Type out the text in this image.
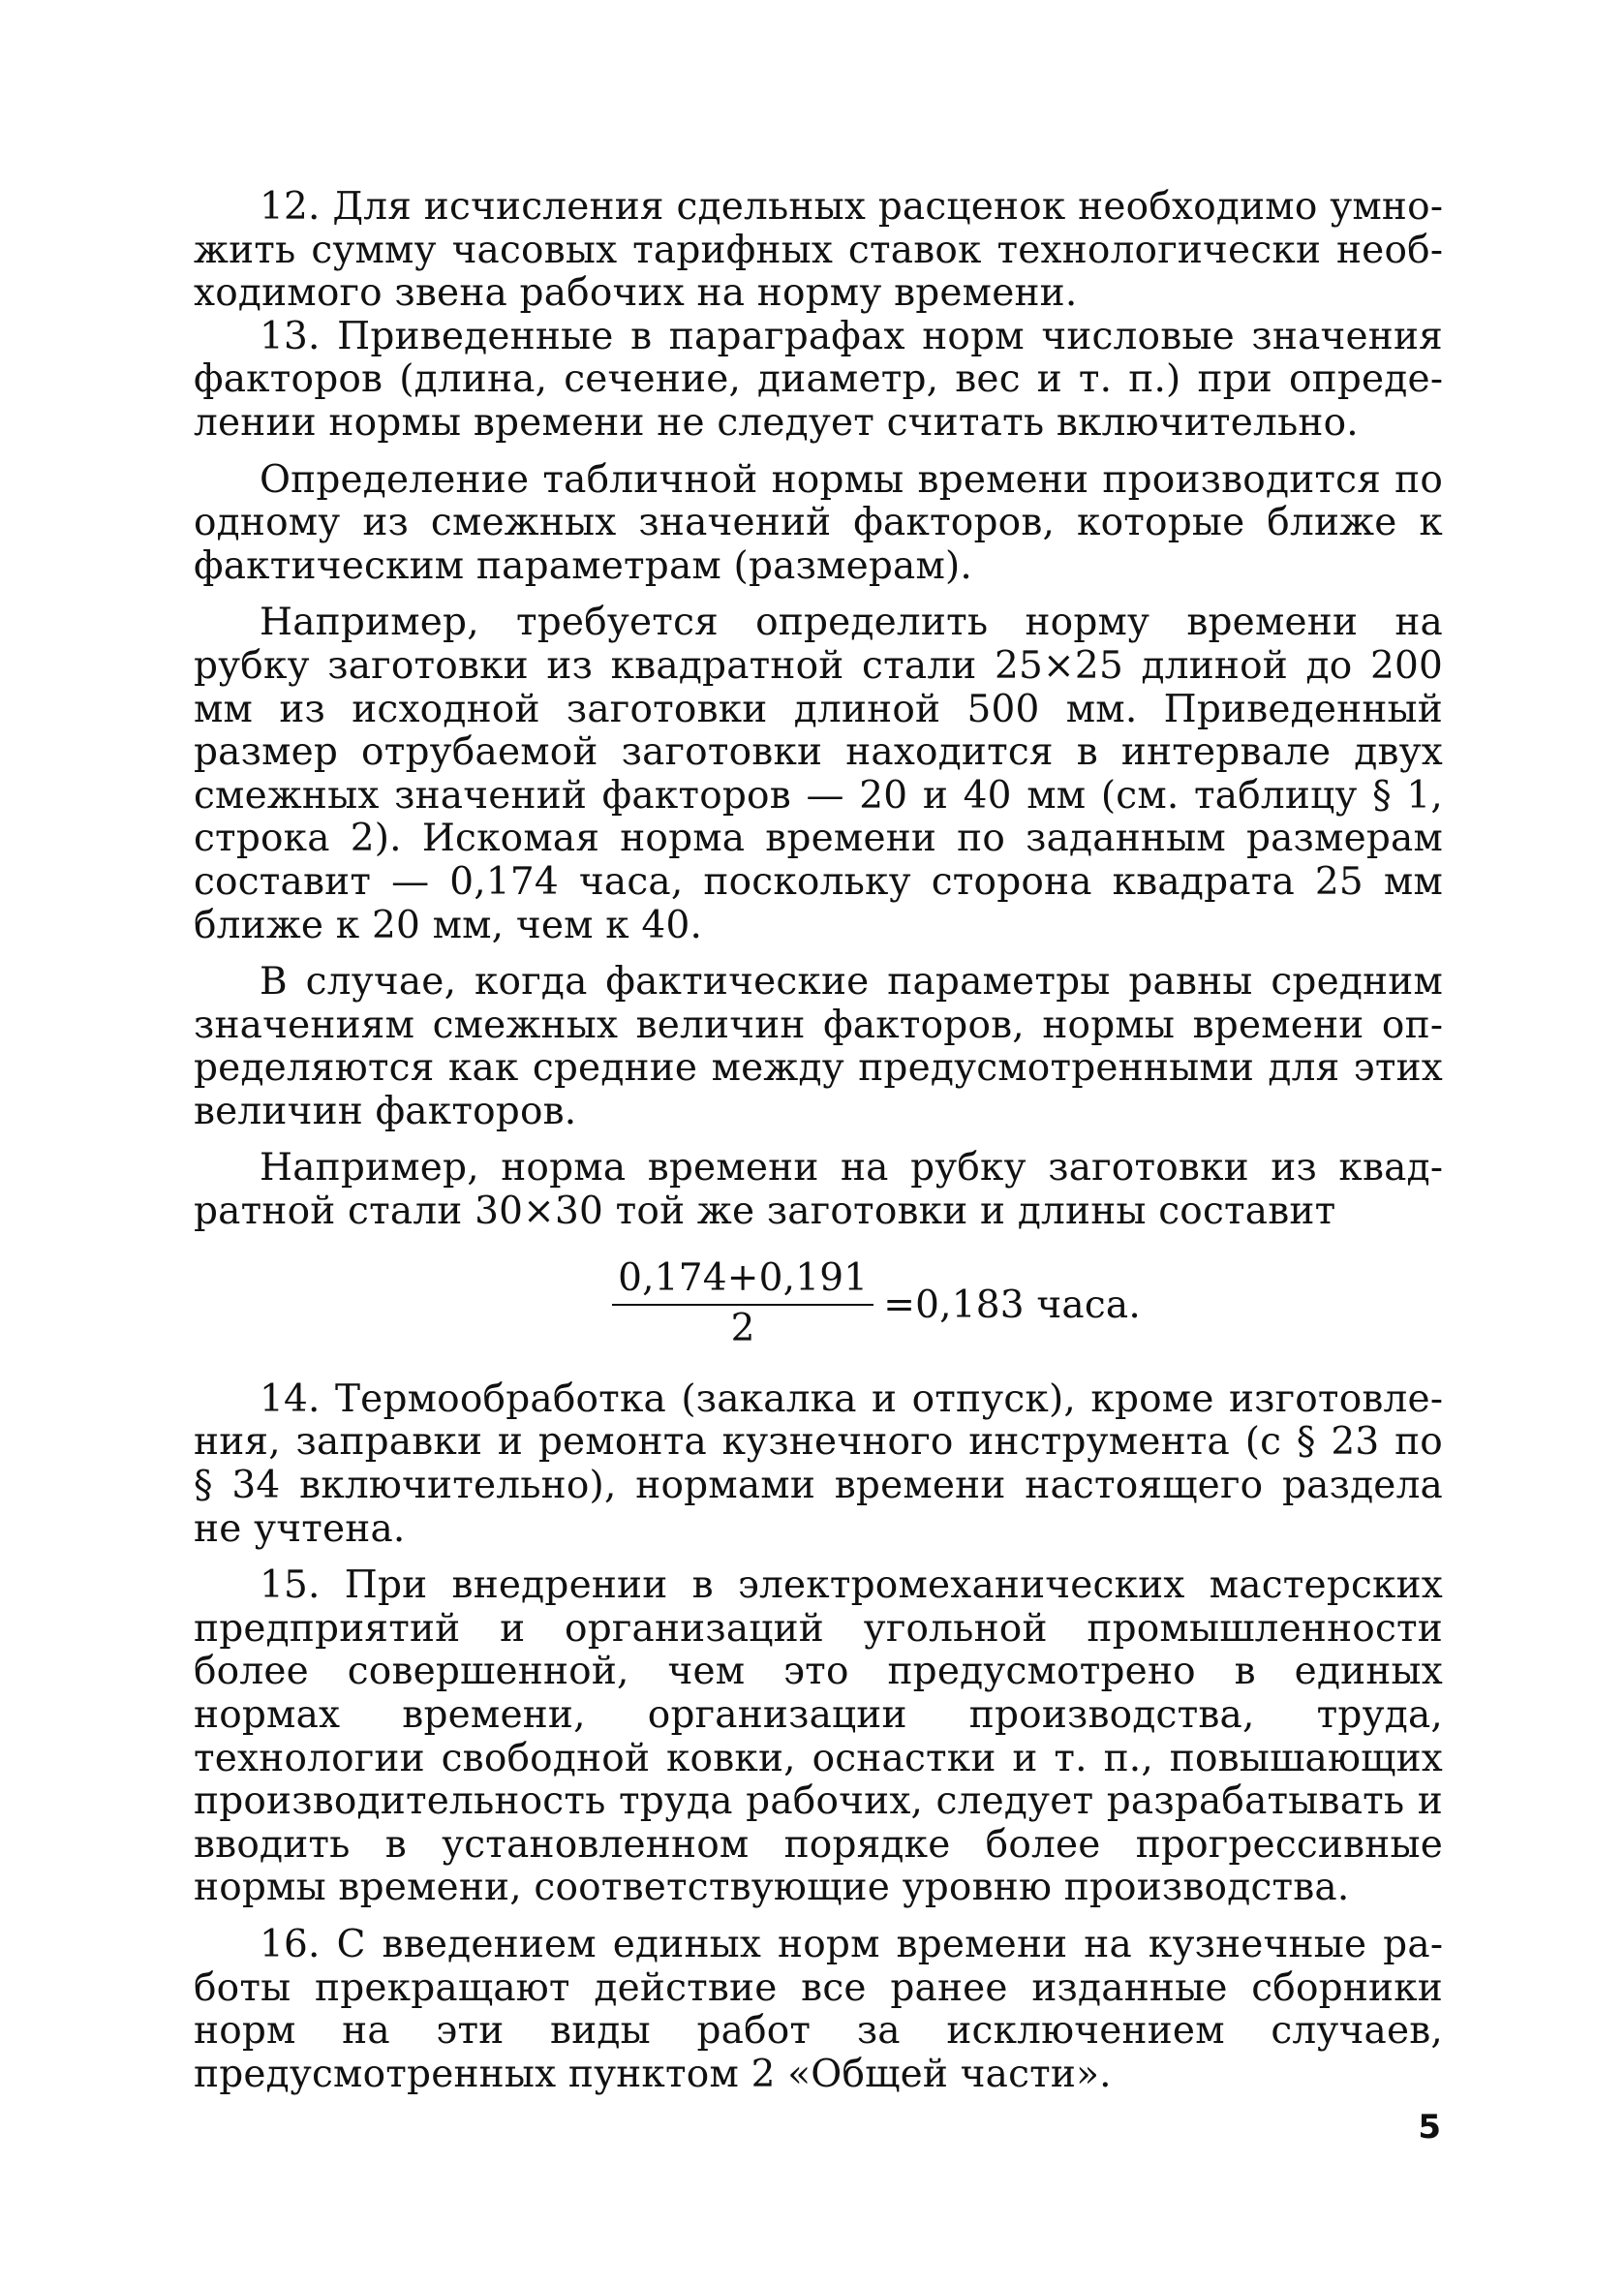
12. Для исчисления сдельных расценок необходимо умножить сумму часовых тарифных ставок технологически необходимого звена рабочих на норму времени.

13. Приведенные в параграфах норм числовые значения факторов (длина, сечение, диаметр, вес и т. п.) при определении нормы времени не следует считать включительно.

Определение табличной нормы времени производится по одному из смежных значений факторов, которые ближе к фактическим параметрам (размерам).

Например, требуется определить норму времени на рубку заготовки из квадратной стали 25×25 длиной до 200 мм из исходной заготовки длиной 500 мм. Приведенный размер отрубаемой заготовки находится в интервале двух смежных значений факторов — 20 и 40 мм (см. таблицу § 1, строка 2). Искомая норма времени по заданным размерам составит — 0,174 часа, поскольку сторона квадрата 25 мм ближе к 20 мм, чем к 40.

В случае, когда фактические параметры равны средним значениям смежных величин факторов, нормы времени определяются как средние между предусмотренными для этих величин факторов.

Например, норма времени на рубку заготовки из квадратной стали 30×30 той же заготовки и длины составит

$\frac{0,174+0,191}{2} =0,183$ часа.

14. Термообработка (закалка и отпуск), кроме изготовления, заправки и ремонта кузнечного инструмента (с § 23 по § 34 включительно), нормами времени настоящего раздела не учтена.

15. При внедрении в электромеханических мастерских предприятий и организаций угольной промышленности более совершенной, чем это предусмотрено в единых нормах времени, организации производства, труда, технологии свободной ковки, оснастки и т. п., повышающих производительность труда рабочих, следует разрабатывать и вводить в установленном порядке более прогрессивные нормы времени, соответствующие уровню производства.

16. С введением единых норм времени на кузнечные работы прекращают действие все ранее изданные сборники норм на эти виды работ за исключением случаев, предусмотренных пунктом 2 «Общей части».

5
